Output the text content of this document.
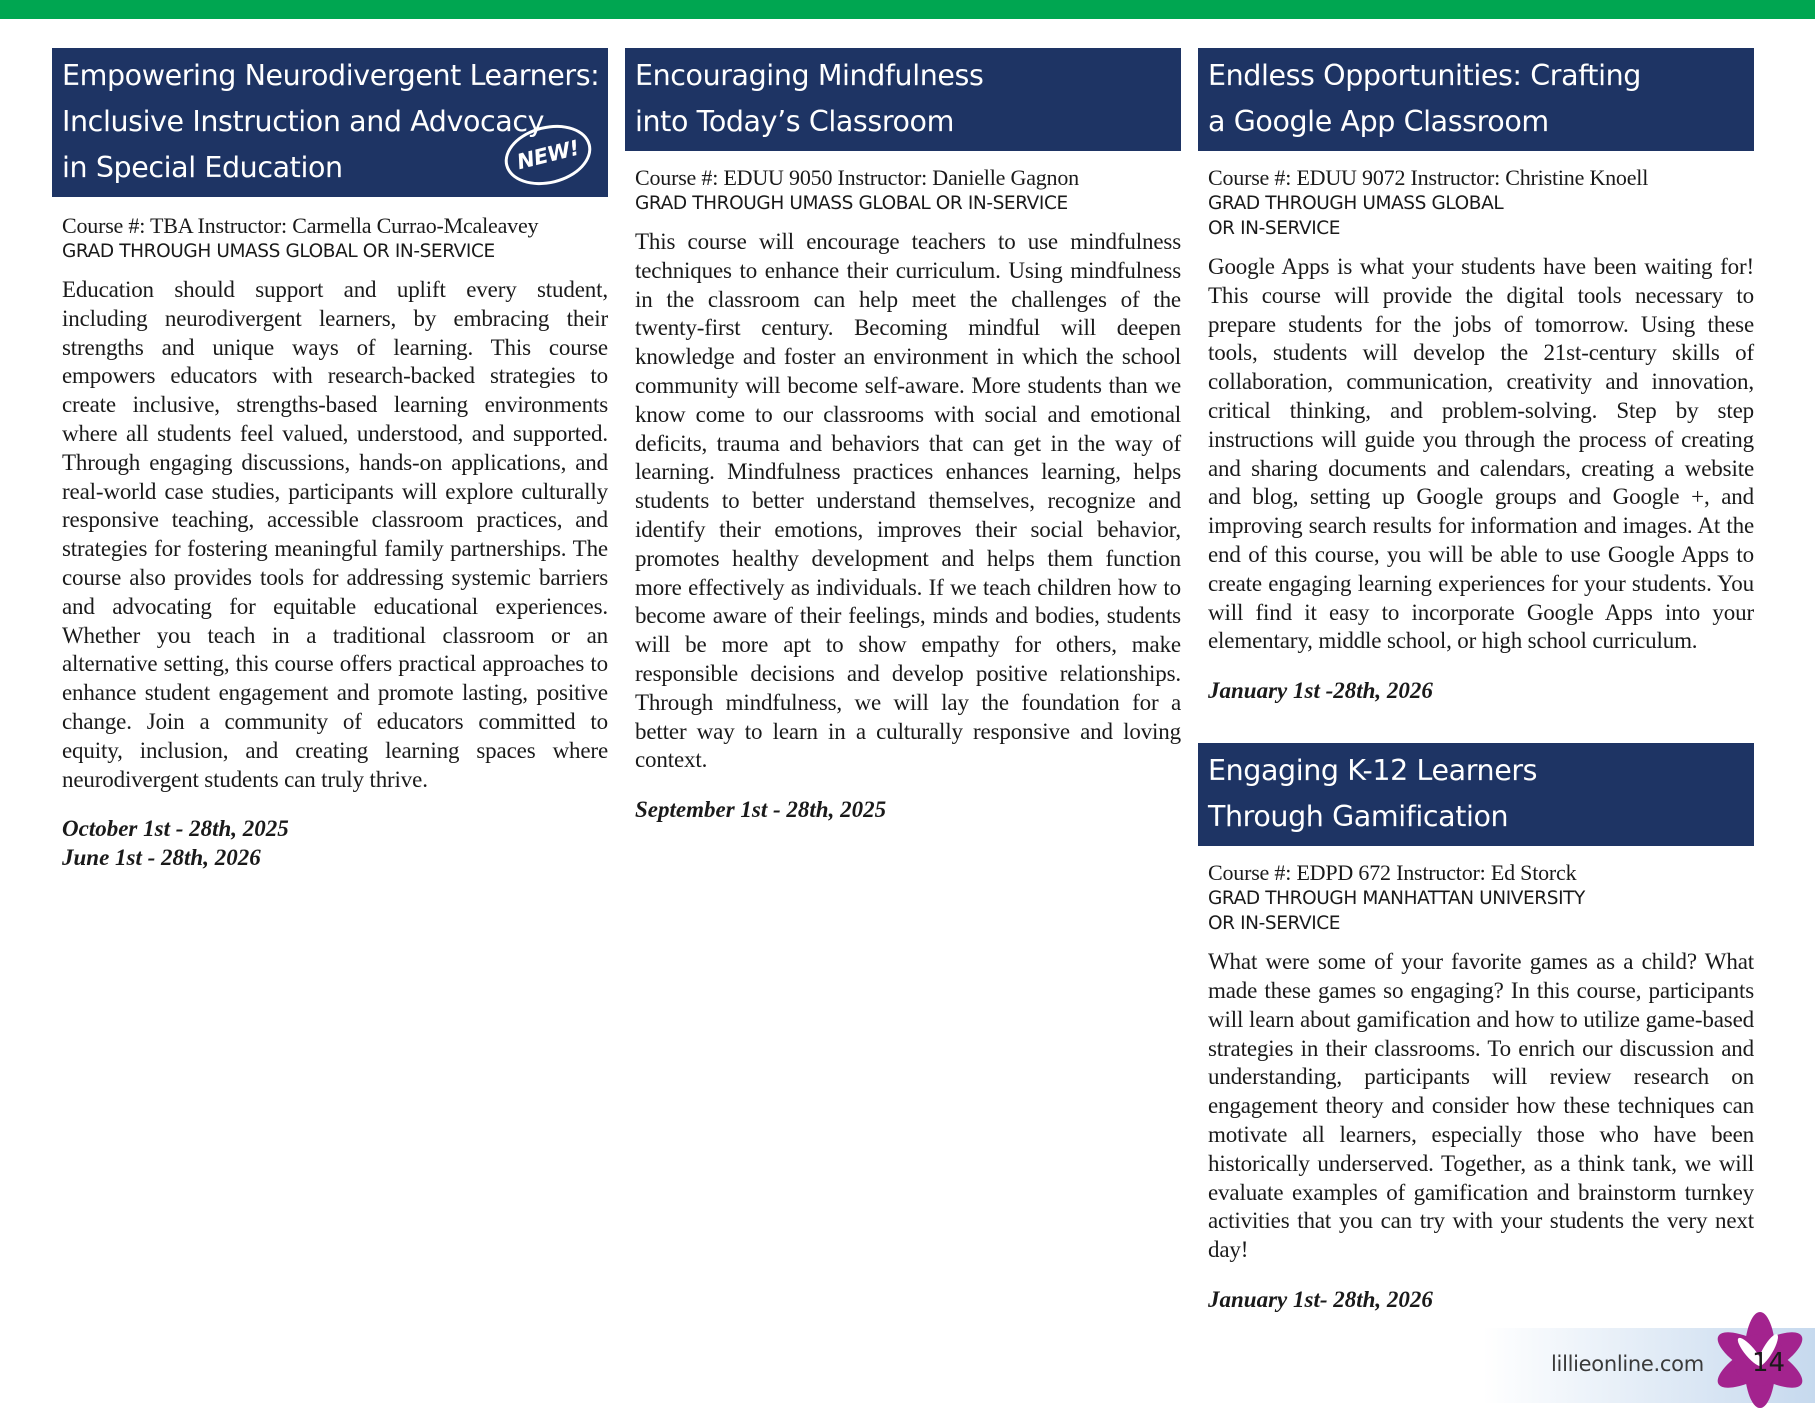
Empowering Neurodivergent Learners:
Inclusive Instruction and Advocacy
in Special Education	NEW!
Course #: TBA Instructor: Carmella Currao-Mcaleavey
GRAD THROUGH UMASS GLOBAL OR IN-SERVICE
Education should support and uplift every student, including neurodivergent learners, by embracing their strengths and unique ways of learning. This course empowers educators with research-backed strategies to create inclusive, strengths-based learning environments where all students feel valued, understood, and supported. Through engaging discussions, hands-on applications, and real-world case studies, participants will explore culturally responsive teaching, accessible classroom practices, and strategies for fostering meaningful family partnerships. The course also provides tools for addressing systemic barriers and advocating for equitable educational experiences. Whether you teach in a traditional classroom or an alternative setting, this course offers practical approaches to enhance student engagement and promote lasting, positive change. Join a community of educators committed to equity, inclusion, and creating learning spaces where neurodivergent students can truly thrive.
October 1st - 28th, 2025
June 1st - 28th, 2026
Encouraging Mindfulness
into Today’s Classroom
Course #: EDUU 9050 Instructor: Danielle Gagnon
GRAD THROUGH UMASS GLOBAL OR IN-SERVICE
This course will encourage teachers to use mindfulness techniques to enhance their curriculum. Using mindfulness in the classroom can help meet the challenges of the twenty-first century. Becoming mindful will deepen knowledge and foster an environment in which the school community will become self-aware. More students than we know come to our classrooms with social and emotional deficits, trauma and behaviors that can get in the way of learning. Mindfulness practices enhances learning, helps students to better understand themselves, recognize and identify their emotions, improves their social behavior, promotes healthy development and helps them function more effectively as individuals. If we teach children how to become aware of their feelings, minds and bodies, students will be more apt to show empathy for others, make responsible decisions and develop positive relationships. Through mindfulness, we will lay the foundation for a better way to learn in a culturally responsive and loving context.
September 1st - 28th, 2025
Endless Opportunities: Crafting
a Google App Classroom
Course #: EDUU 9072 Instructor: Christine Knoell
GRAD THROUGH UMASS GLOBAL
OR IN-SERVICE
Google Apps is what your students have been waiting for! This course will provide the digital tools necessary to prepare students for the jobs of tomorrow. Using these tools, students will develop the 21st-century skills of collaboration, communication, creativity and innovation, critical thinking, and problem-solving. Step by step instructions will guide you through the process of creating and sharing documents and calendars, creating a website and blog, setting up Google groups and Google +, and improving search results for information and images. At the end of this course, you will be able to use Google Apps to create engaging learning experiences for your students. You will find it easy to incorporate Google Apps into your elementary, middle school, or high school curriculum.
January 1st -28th, 2026
Engaging K-12 Learners
Through Gamification
Course #: EDPD 672 Instructor: Ed Storck
GRAD THROUGH MANHATTAN UNIVERSITY
OR IN-SERVICE
What were some of your favorite games as a child? What made these games so engaging? In this course, participants will learn about gamification and how to utilize game-based strategies in their classrooms. To enrich our discussion and understanding, participants will review research on engagement theory and consider how these techniques can motivate all learners, especially those who have been historically underserved. Together, as a think tank, we will evaluate examples of gamification and brainstorm turnkey activities that you can try with your students the very next day!
January 1st- 28th, 2026
lillieonline.com 14
